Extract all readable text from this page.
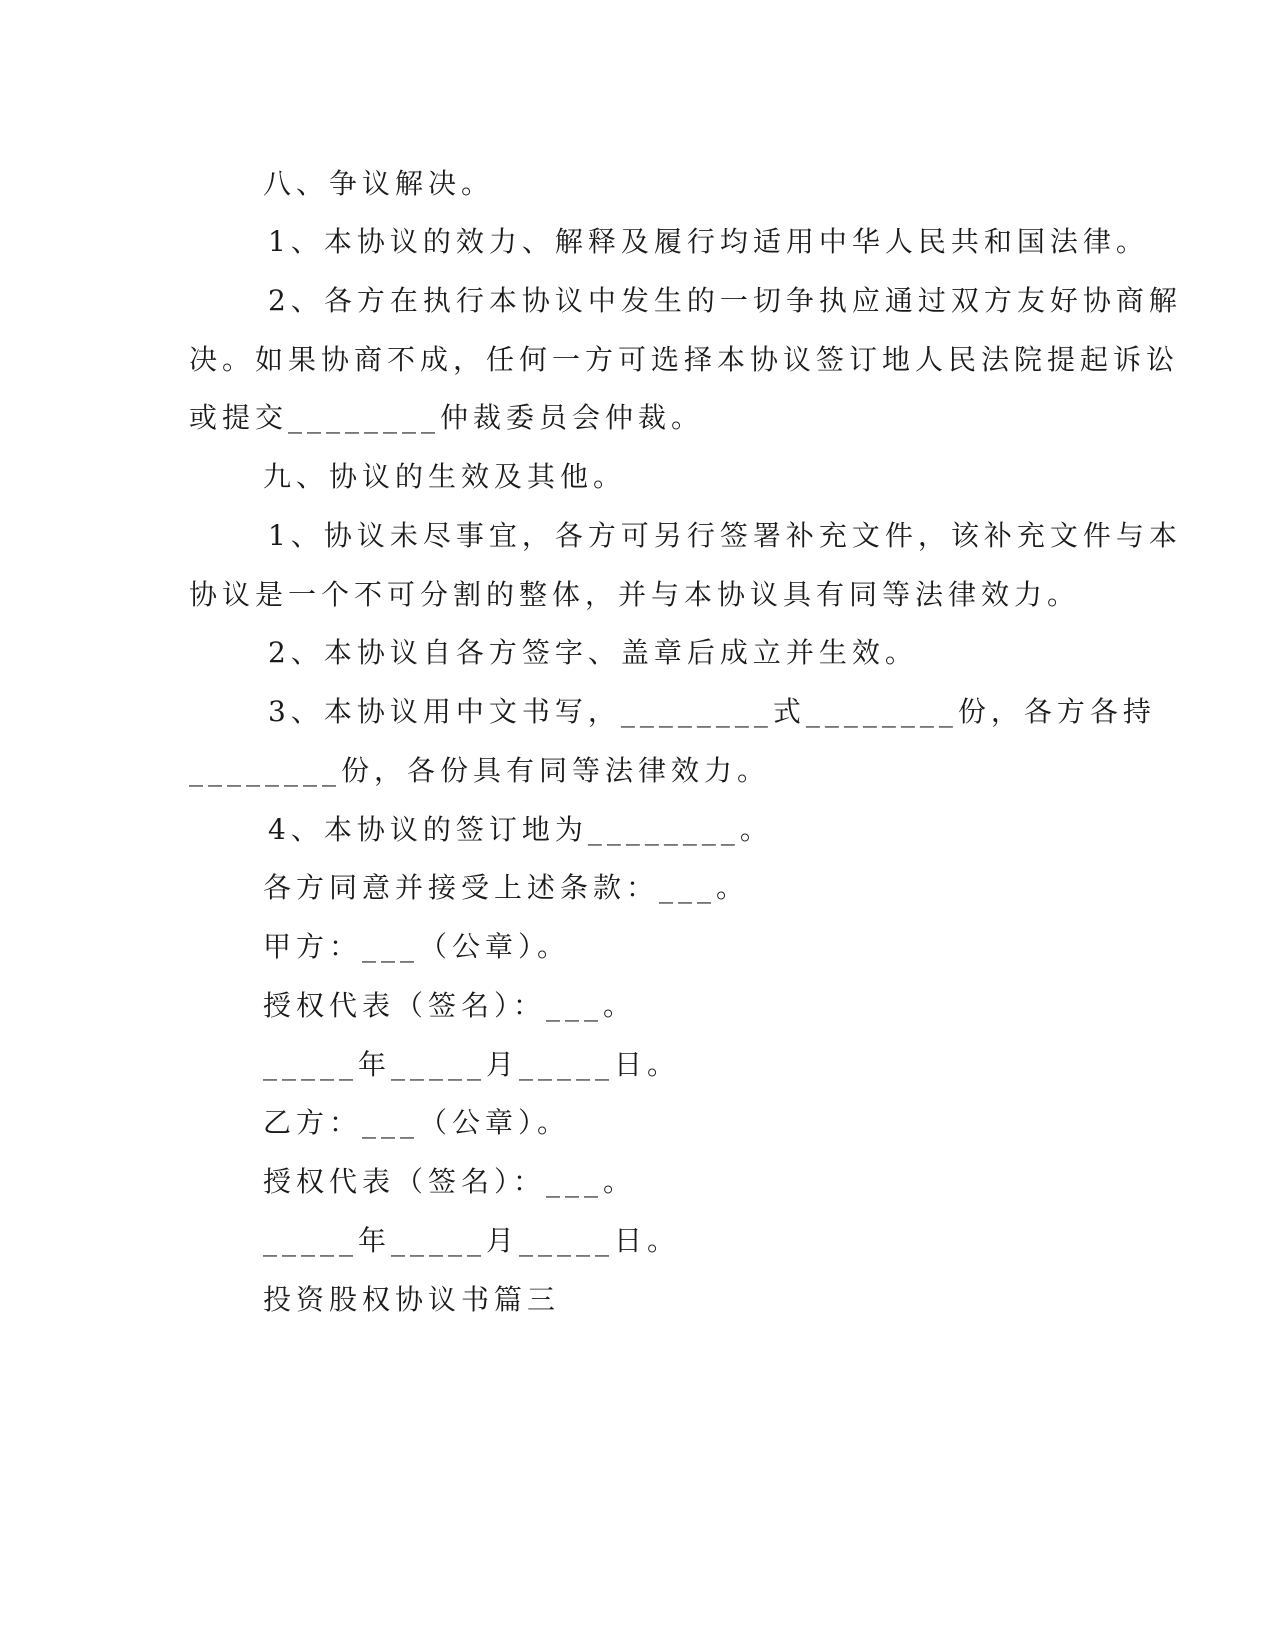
八、争议解决。
1、本协议的效力、解释及履行均适用中华人民共和国法律。
2、各方在执行本协议中发生的一切争执应通过双方友好协商解
决。如果协商不成，任何一方可选择本协议签订地人民法院提起诉讼
或提交________仲裁委员会仲裁。
九、协议的生效及其他。
1、协议未尽事宜，各方可另行签署补充文件，该补充文件与本
协议是一个不可分割的整体，并与本协议具有同等法律效力。
2、本协议自各方签字、盖章后成立并生效。
3、本协议用中文书写，________式________份，各方各持
________份，各份具有同等法律效力。
4、本协议的签订地为________。
各方同意并接受上述条款：___。
甲方：___（公章）。
授权代表（签名）：___。
_____年_____月_____日。
乙方：___（公章）。
授权代表（签名）：___。
_____年_____月_____日。
投资股权协议书篇三
